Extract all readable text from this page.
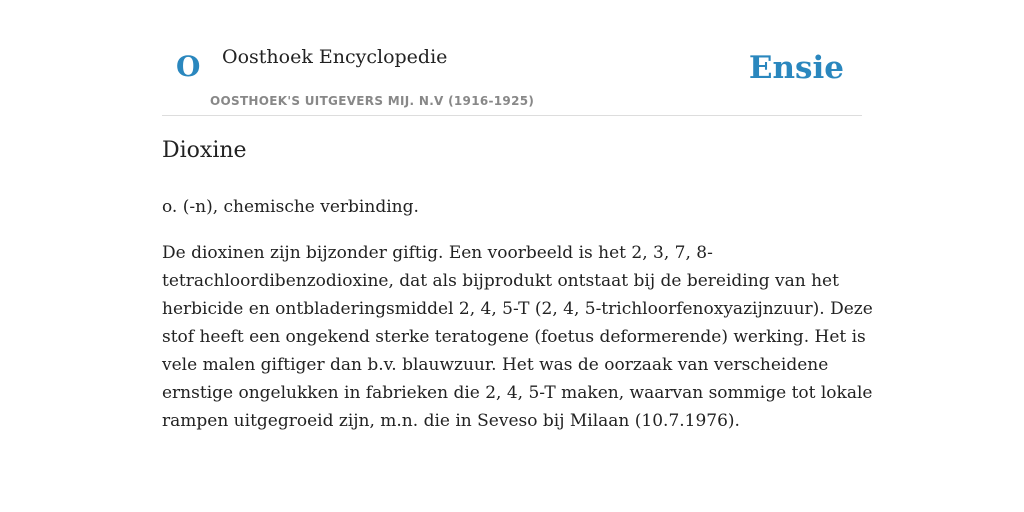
O Oosthoek Encyclopedie
OOSTHOEK'S UITGEVERS MIJ. N.V (1916-1925)
Ensie
Dioxine

o. (-n), chemische verbinding.

De dioxinen zijn bijzonder giftig. Een voorbeeld is het 2, 3, 7, 8-
tetrachloordibenzodioxine, dat als bijprodukt ontstaat bij de bereiding van het
herbicide en ontbladeringsmiddel 2, 4, 5-T (2, 4, 5-trichloorfenoxyazijnzuur). Deze
stof heeft een ongekend sterke teratogene (foetus deformerende) werking. Het is
vele malen giftiger dan b.v. blauwzuur. Het was de oorzaak van verscheidene
ernstige ongelukken in fabrieken die 2, 4, 5-T maken, waarvan sommige tot lokale
rampen uitgegroeid zijn, m.n. die in Seveso bij Milaan (10.7.1976).
